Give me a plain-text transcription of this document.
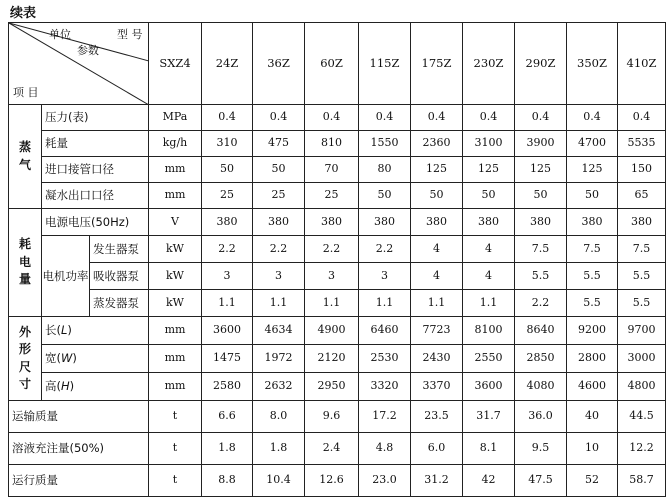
续表
单位
参数
型 号
项 目			SXZ4	24Z	36Z	60Z	115Z	175Z	230Z	290Z	350Z	410Z

蒸
气	压力(表)		MPa	0.4	0.4	0.4	0.4	0.4	0.4	0.4	0.4	0.4
	耗量		kg/h	310	475	810	1550	2360	3100	3900	4700	5535
	进口接管口径		mm	50	50	70	80	125	125	125	125	150
	凝水出口口径		mm	25	25	25	50	50	50	50	50	65

耗
电
量	电源电压(50Hz)		V	380	380	380	380	380	380	380	380	380
	电机功率	发生器泵	kW	2.2	2.2	2.2	2.2	4	4	7.5	7.5	7.5
		吸收器泵	kW	3	3	3	3	4	4	5.5	5.5	5.5
		蒸发器泵	kW	1.1	1.1	1.1	1.1	1.1	1.1	2.2	5.5	5.5

外
形
尺
寸	长(L)		mm	3600	4634	4900	6460	7723	8100	8640	9200	9700
	宽(W)		mm	1475	1972	2120	2530	2430	2550	2850	2800	3000
	高(H)		mm	2580	2632	2950	3320	3370	3600	4080	4600	4800
运输质量			t	6.6	8.0	9.6	17.2	23.5	31.7	36.0	40	44.5
溶液充注量(50%)			t	1.8	1.8	2.4	4.8	6.0	8.1	9.5	10	12.2
运行质量			t	8.8	10.4	12.6	23.0	31.2	42	47.5	52	58.7
